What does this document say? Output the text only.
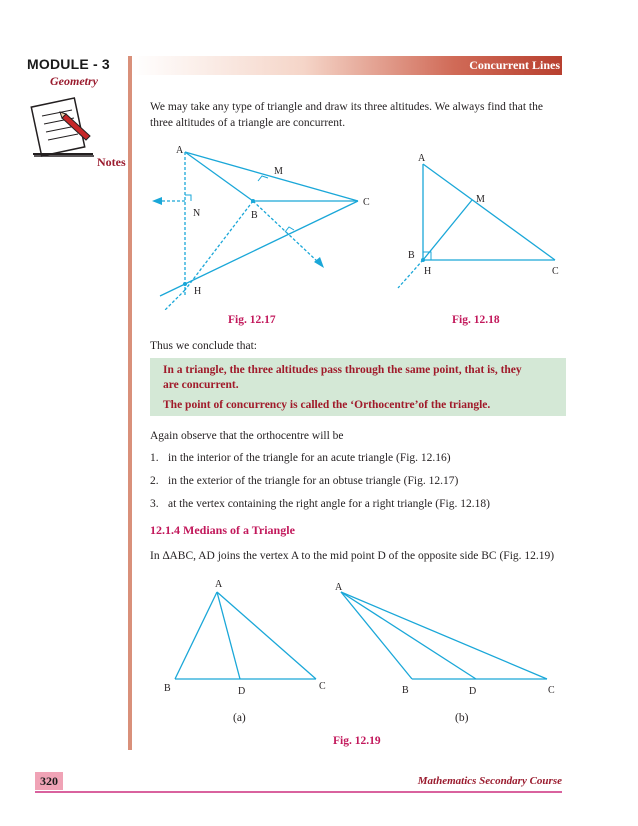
MODULE - 3
Geometry
Notes
Concurrent Lines
We may take any type of triangle and draw its three altitudes. We always find that the three altitudes of a triangle are concurrent.
A
M
C
N	B
H
Fig. 12.17
A
M
B
H	C
Fig. 12.18
Thus we conclude that:
In a triangle, the three altitudes pass through the same point, that is, they
are concurrent.
The point of concurrency is called the ‘Orthocentre’of the triangle.
Again observe that the orthocentre will be
1. in the interior of the triangle for an acute triangle (Fig. 12.16)
2. in the exterior of the triangle for an obtuse triangle (Fig. 12.17)
3. at the vertex containing the right angle for a right triangle (Fig. 12.18)
12.1.4 Medians of a Triangle
In ∆ABC, AD joins the vertex A to the mid point D of the opposite side BC (Fig. 12.19)
A
B	D	C
(a)
A
B	D	C
(b)
Fig. 12.19
320	Mathematics Secondary Course
